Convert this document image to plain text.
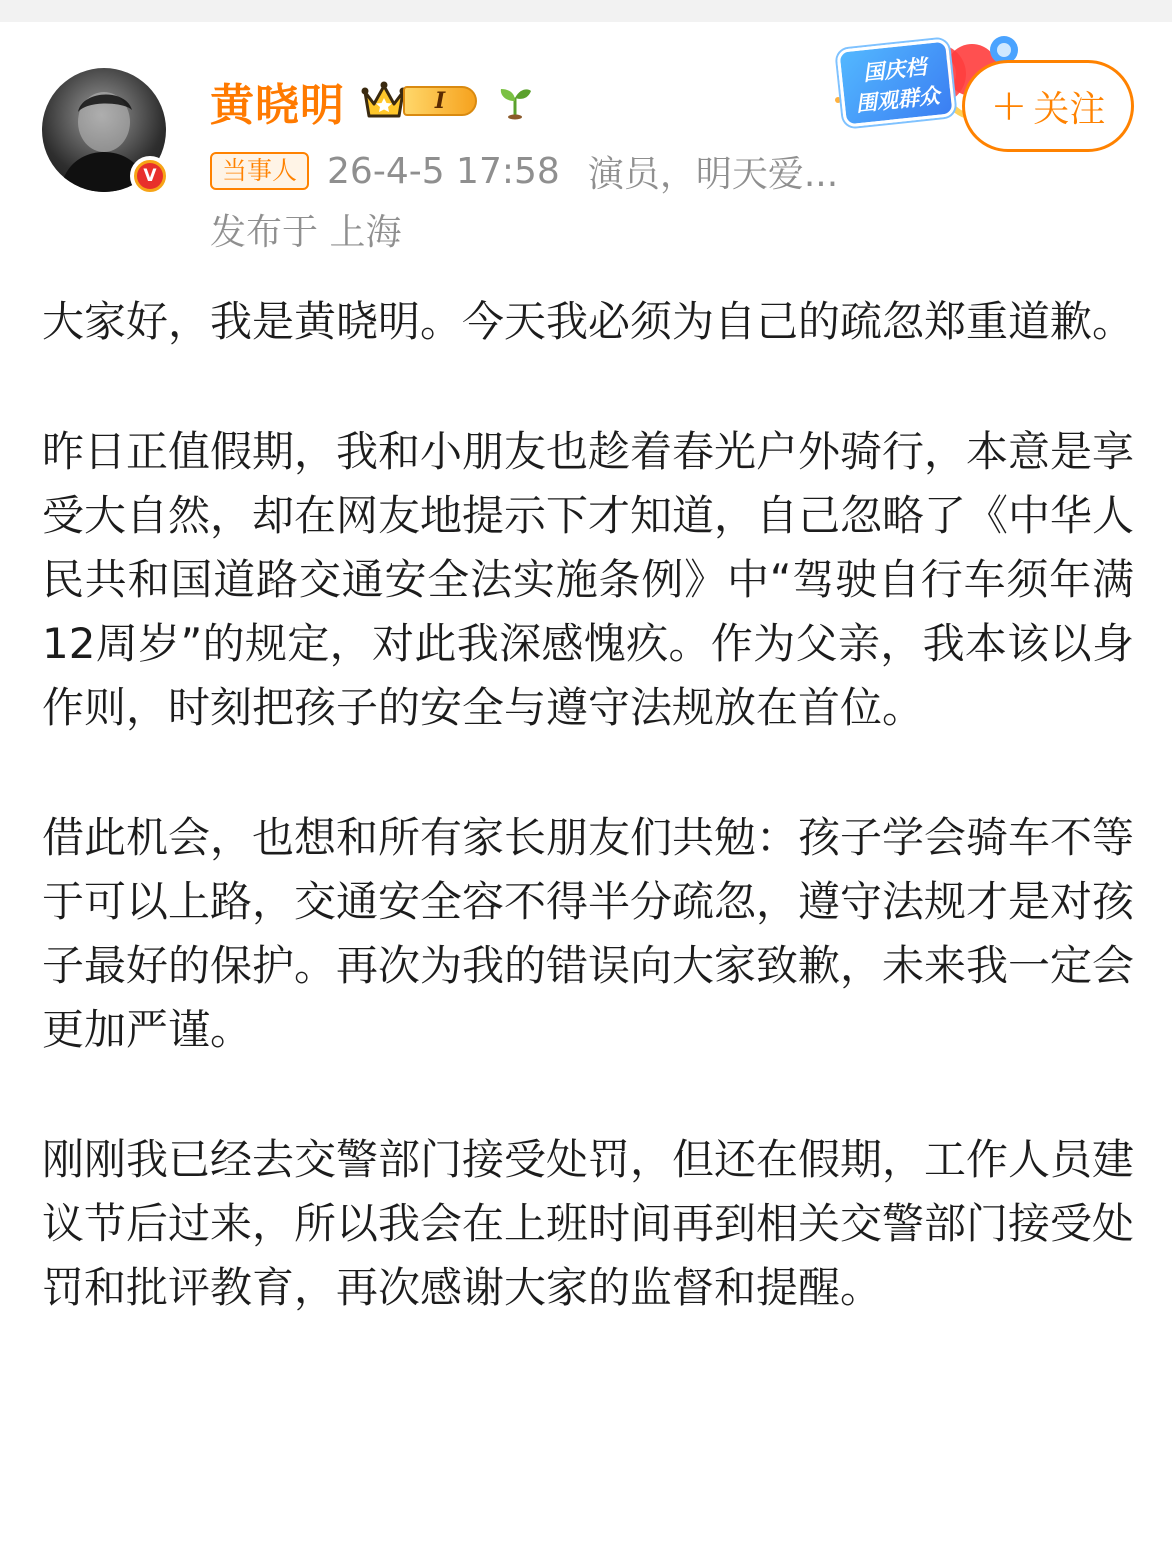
V
黄晓明	I
当事人 26-4-5 17:58 演员，明天爱...
发布于 上海
国庆档
围观群众 + 关注

大家好，我是黄晓明。今天我必须为自己的疏忽郑重道歉。

昨日正值假期，我和小朋友也趁着春光户外骑行，本意是享受大自然，却在网友地提示下才知道，自己忽略了《中华人民共和国道路交通安全法实施条例》中“驾驶自行车须年满12周岁”的规定，对此我深感愧疚。作为父亲，我本该以身作则，时刻把孩子的安全与遵守法规放在首位。

借此机会，也想和所有家长朋友们共勉：孩子学会骑车不等于可以上路，交通安全容不得半分疏忽，遵守法规才是对孩子最好的保护。再次为我的错误向大家致歉，未来我一定会更加严谨。

刚刚我已经去交警部门接受处罚，但还在假期，工作人员建议节后过来，所以我会在上班时间再到相关交警部门接受处罚和批评教育，再次感谢大家的监督和提醒。
